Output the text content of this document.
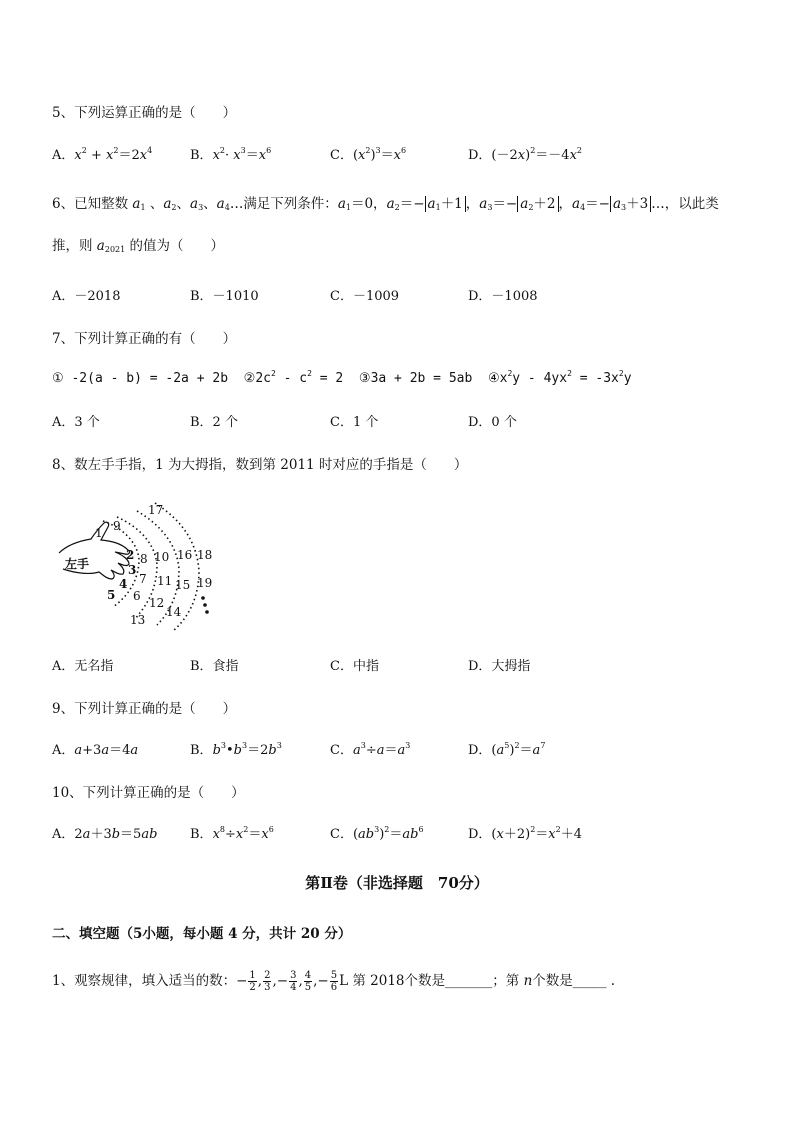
5、下列运算正确的是（　　）
A．$x^2 + x^2=2x^4$	B．$x^2\cdot x^3=x^6$	C．$(x^2)^3=x^6$	D．$(-2x)^2=-4x^2$
6、已知整数 $a_1$ 、$a_2$、$a_3$、$a_4\dots$满足下列条件：$a_1=0$，$a_2=- a_1+1$ ，$a_3=- a_2+2$ ，$a_4=- a_3+3$ …，以此类
推，则 $a_{2021}$ 的值为（　　）
A．－2018	B．－1010	C．－1009	D．－1008
7、下列计算正确的有（　　）
① -2(a - b) = -2a + 2b  $②2c^2 - c^2 = 2$  ③3a + 2b = 5ab  $④x^2y - 4yx^2 = -3x^2y$
A．3 个	B．2 个	C．1 个	D．0 个
8、数左手手指，1 为大拇指，数到第 2011 时对应的手指是（　　）
左手
1
2
3
4
5 6
7
8
9
10
11
12
13
14
15
16
17
18
19
A．无名指	B．食指	C．中指	D．大拇指
9、下列计算正确的是（　　）
A．a+3a＝4a	B．$b^3•b^3=2b^3$	C．$a^3\div a=a^3$	D．$(a^5)^2=a^7$
10、下列计算正确的是（　　）
A．2a＋3b＝5ab	B．$x^8\div x^2=x^6$	C．$(ab^3)^2=ab^6$	D．$(x+2)^2=x^2+4$
第Ⅱ卷（非选择题　70分）
二、填空题（5小题，每小题 4 分，共计 20 分）
1、观察规律，填入适当的数：− $\frac{1}{2}$ , $\frac{2}{3}$ ,− $\frac{3}{4}$ , $\frac{4}{5}$ ,− $\frac{5}{6}$ L 第 2018个数是_______；第 n个数是_____ .
